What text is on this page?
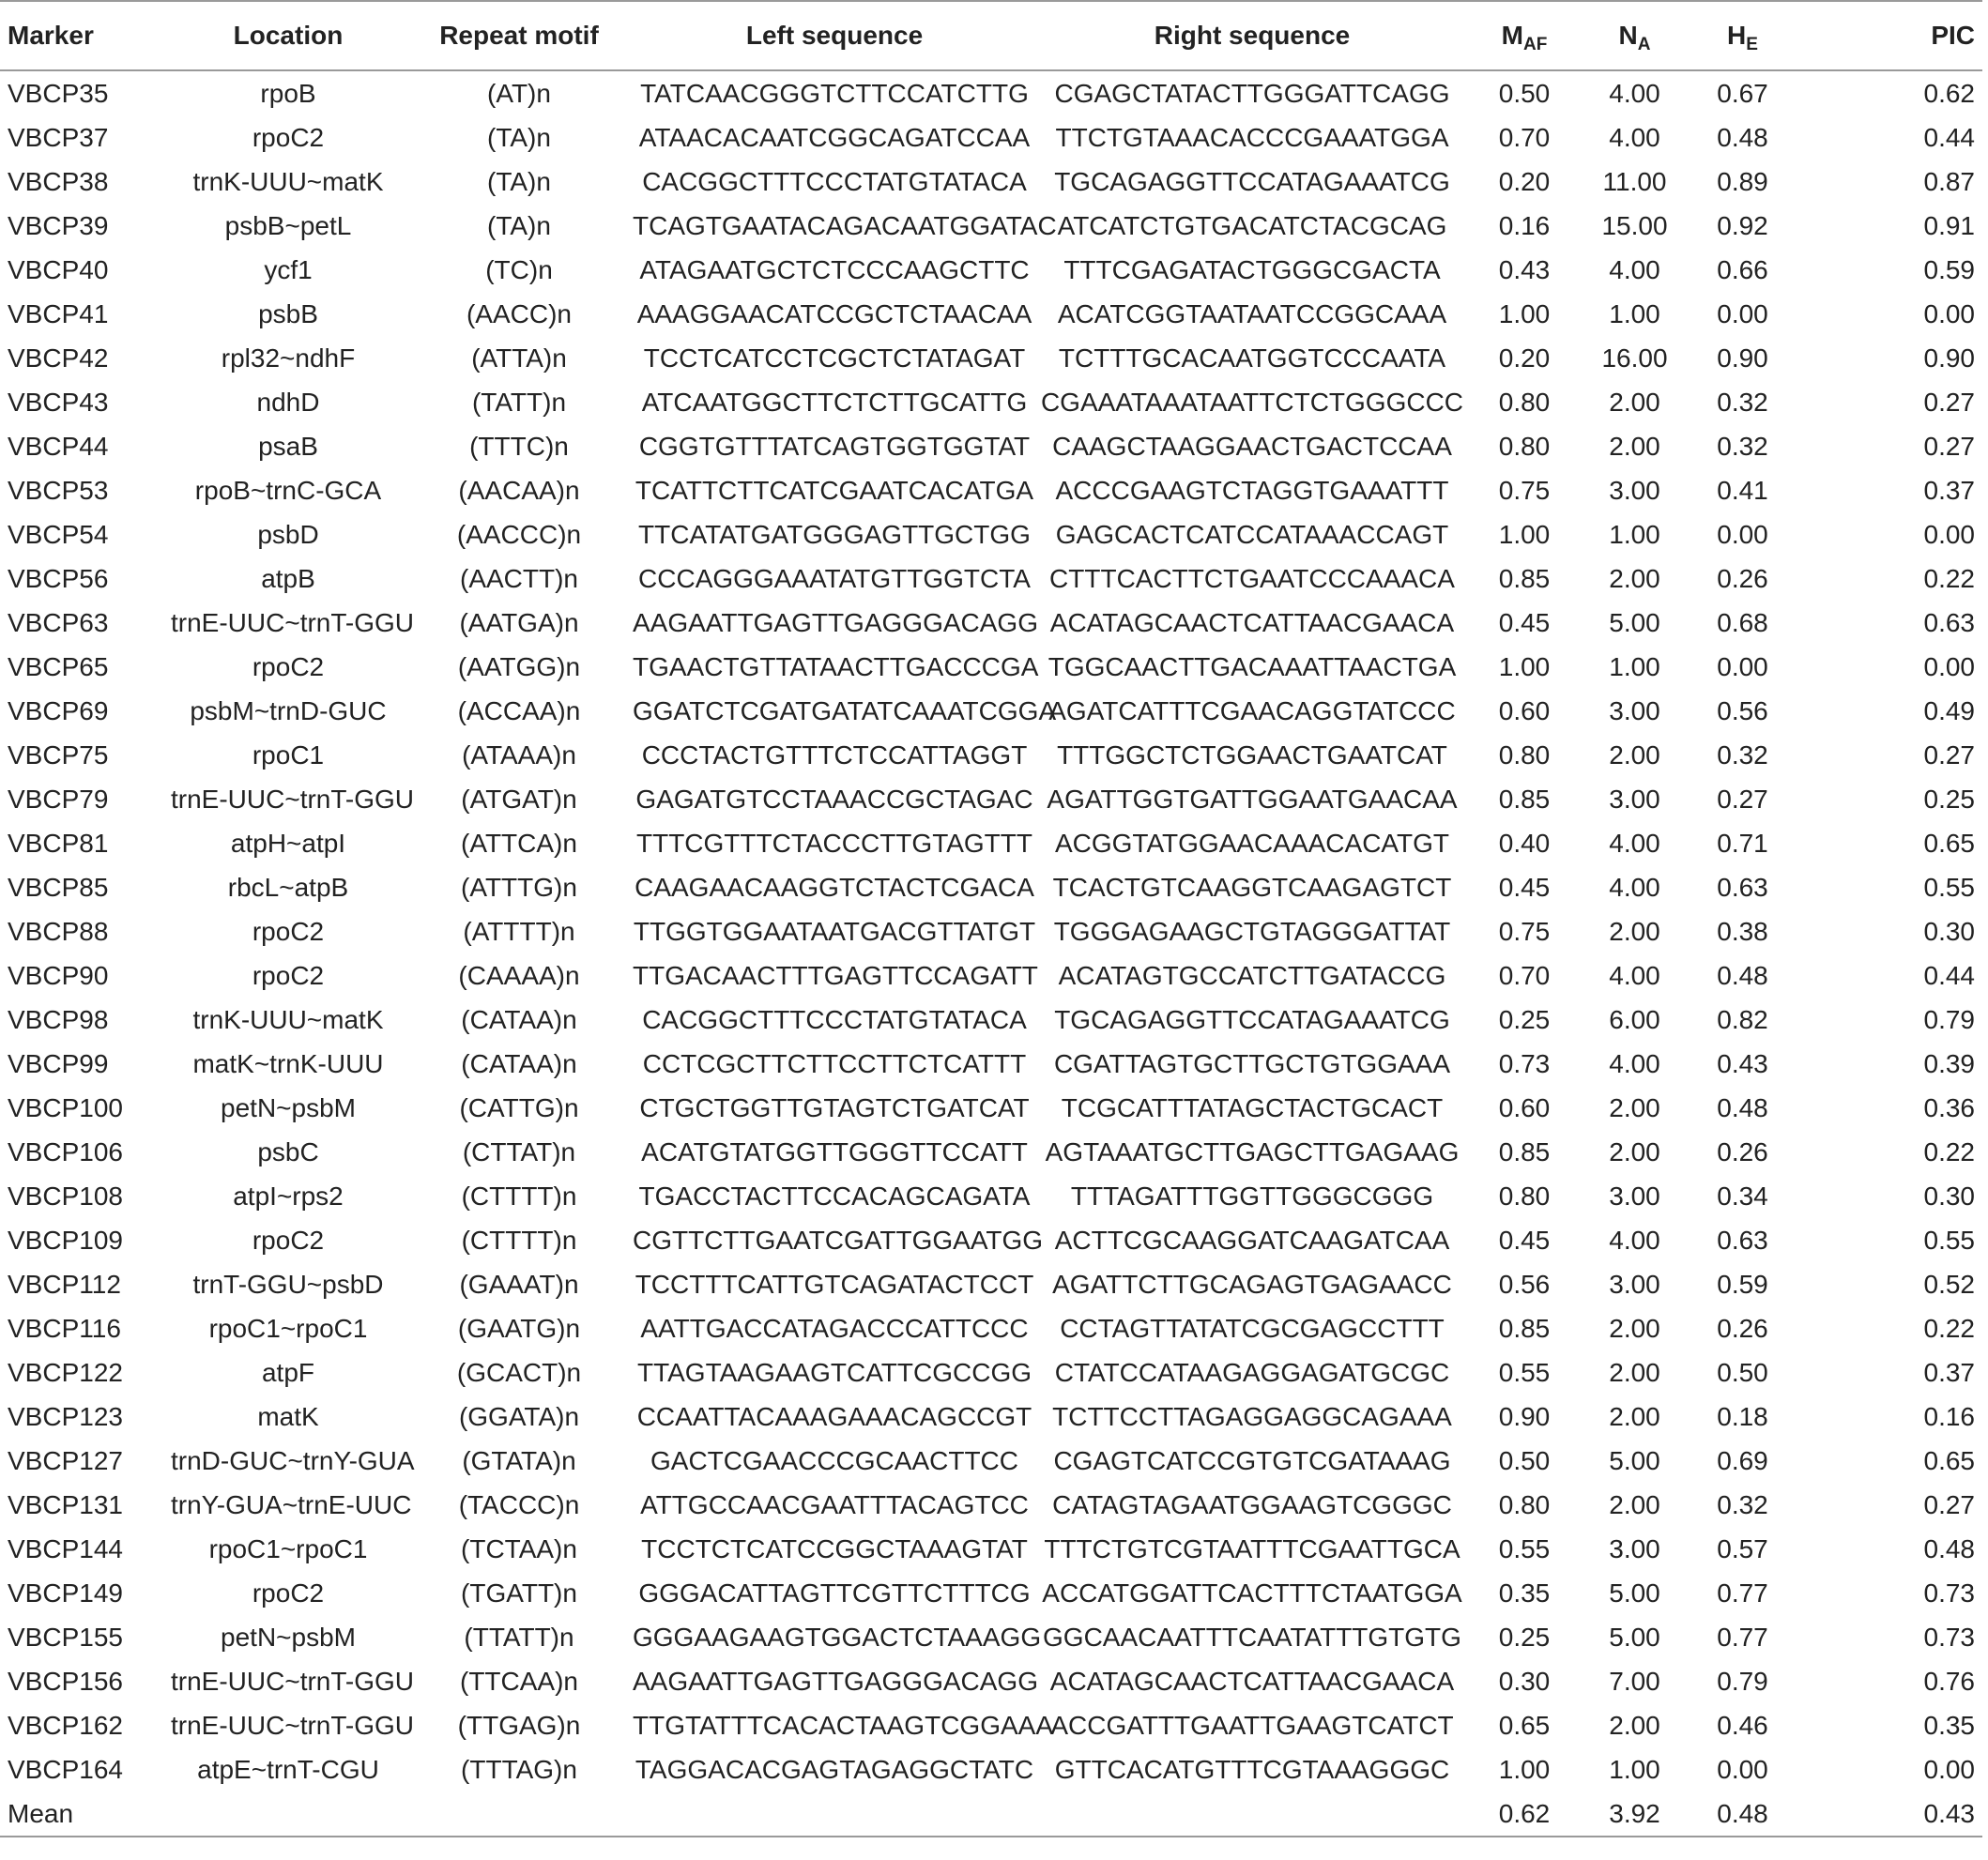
Marker	Location	Repeat motif	Left sequence	Right sequence	$M_{AF}$	$N_A$	$H_E$	PIC
VBCP35	rpoB	(AT)n	TATCAACGGGTCTTCCATCTTG	CGAGCTATACTTGGGATTCAGG	0.50	4.00	0.67	0.62
VBCP37	rpoC2	(TA)n	ATAACACAATCGGCAGATCCAA	TTCTGTAAACACCCGAAATGGA	0.70	4.00	0.48	0.44
VBCP38	trnK-UUU~matK	(TA)n	CACGGCTTTCCCTATGTATACA	TGCAGAGGTTCCATAGAAATCG	0.20	11.00	0.89	0.87
VBCP39	psbB~petL	(TA)n	TCAGTGAATACAGACAATGGATAC	ATCATCTGTGACATCTACGCAG	0.16	15.00	0.92	0.91
VBCP40	ycf1	(TC)n	ATAGAATGCTCTCCCAAGCTTC	TTTCGAGATACTGGGCGACTA	0.43	4.00	0.66	0.59
VBCP41	psbB	(AACC)n	AAAGGAACATCCGCTCTAACAA	ACATCGGTAATAATCCGGCAAA	1.00	1.00	0.00	0.00
VBCP42	rpl32~ndhF	(ATTA)n	TCCTCATCCTCGCTCTATAGAT	TCTTTGCACAATGGTCCCAATA	0.20	16.00	0.90	0.90
VBCP43	ndhD	(TATT)n	ATCAATGGCTTCTCTTGCATTG	CGAAATAAATAATTCTCTGGGCCC	0.80	2.00	0.32	0.27
VBCP44	psaB	(TTTC)n	CGGTGTTTATCAGTGGTGGTAT	CAAGCTAAGGAACTGACTCCAA	0.80	2.00	0.32	0.27
VBCP53	rpoB~trnC-GCA	(AACAA)n	TCATTCTTCATCGAATCACATGA	ACCCGAAGTCTAGGTGAAATTT	0.75	3.00	0.41	0.37
VBCP54	psbD	(AACCC)n	TTCATATGATGGGAGTTGCTGG	GAGCACTCATCCATAAACCAGT	1.00	1.00	0.00	0.00
VBCP56	atpB	(AACTT)n	CCCAGGGAAATATGTTGGTCTA	CTTTCACTTCTGAATCCCAAACA	0.85	2.00	0.26	0.22
VBCP63	trnE-UUC~trnT-GGU	(AATGA)n	AAGAATTGAGTTGAGGGACAGG	ACATAGCAACTCATTAACGAACA	0.45	5.00	0.68	0.63
VBCP65	rpoC2	(AATGG)n	TGAACTGTTATAACTTGACCCGA	TGGCAACTTGACAAATTAACTGA	1.00	1.00	0.00	0.00
VBCP69	psbM~trnD-GUC	(ACCAA)n	GGATCTCGATGATATCAAATCGGA	AGATCATTTCGAACAGGTATCCC	0.60	3.00	0.56	0.49
VBCP75	rpoC1	(ATAAA)n	CCCTACTGTTTCTCCATTAGGT	TTTGGCTCTGGAACTGAATCAT	0.80	2.00	0.32	0.27
VBCP79	trnE-UUC~trnT-GGU	(ATGAT)n	GAGATGTCCTAAACCGCTAGAC	AGATTGGTGATTGGAATGAACAA	0.85	3.00	0.27	0.25
VBCP81	atpH~atpI	(ATTCA)n	TTTCGTTTCTACCCTTGTAGTTT	ACGGTATGGAACAAACACATGT	0.40	4.00	0.71	0.65
VBCP85	rbcL~atpB	(ATTTG)n	CAAGAACAAGGTCTACTCGACA	TCACTGTCAAGGTCAAGAGTCT	0.45	4.00	0.63	0.55
VBCP88	rpoC2	(ATTTT)n	TTGGTGGAATAATGACGTTATGT	TGGGAGAAGCTGTAGGGATTAT	0.75	2.00	0.38	0.30
VBCP90	rpoC2	(CAAAA)n	TTGACAACTTTGAGTTCCAGATT	ACATAGTGCCATCTTGATACCG	0.70	4.00	0.48	0.44
VBCP98	trnK-UUU~matK	(CATAA)n	CACGGCTTTCCCTATGTATACA	TGCAGAGGTTCCATAGAAATCG	0.25	6.00	0.82	0.79
VBCP99	matK~trnK-UUU	(CATAA)n	CCTCGCTTCTTCCTTCTCATTT	CGATTAGTGCTTGCTGTGGAAA	0.73	4.00	0.43	0.39
VBCP100	petN~psbM	(CATTG)n	CTGCTGGTTGTAGTCTGATCAT	TCGCATTTATAGCTACTGCACT	0.60	2.00	0.48	0.36
VBCP106	psbC	(CTTAT)n	ACATGTATGGTTGGGTTCCATT	AGTAAATGCTTGAGCTTGAGAAG	0.85	2.00	0.26	0.22
VBCP108	atpI~rps2	(CTTTT)n	TGACCTACTTCCACAGCAGATA	TTTAGATTTGGTTGGGCGGG	0.80	3.00	0.34	0.30
VBCP109	rpoC2	(CTTTT)n	CGTTCTTGAATCGATTGGAATGG	ACTTCGCAAGGATCAAGATCAA	0.45	4.00	0.63	0.55
VBCP112	trnT-GGU~psbD	(GAAAT)n	TCCTTTCATTGTCAGATACTCCT	AGATTCTTGCAGAGTGAGAACC	0.56	3.00	0.59	0.52
VBCP116	rpoC1~rpoC1	(GAATG)n	AATTGACCATAGACCCATTCCC	CCTAGTTATATCGCGAGCCTTT	0.85	2.00	0.26	0.22
VBCP122	atpF	(GCACT)n	TTAGTAAGAAGTCATTCGCCGG	CTATCCATAAGAGGAGATGCGC	0.55	2.00	0.50	0.37
VBCP123	matK	(GGATA)n	CCAATTACAAAGAAACAGCCGT	TCTTCCTTAGAGGAGGCAGAAA	0.90	2.00	0.18	0.16
VBCP127	trnD-GUC~trnY-GUA	(GTATA)n	GACTCGAACCCGCAACTTCC	CGAGTCATCCGTGTCGATAAAG	0.50	5.00	0.69	0.65
VBCP131	trnY-GUA~trnE-UUC	(TACCC)n	ATTGCCAACGAATTTACAGTCC	CATAGTAGAATGGAAGTCGGGC	0.80	2.00	0.32	0.27
VBCP144	rpoC1~rpoC1	(TCTAA)n	TCCTCTCATCCGGCTAAAGTAT	TTTCTGTCGTAATTTCGAATTGCA	0.55	3.00	0.57	0.48
VBCP149	rpoC2	(TGATT)n	GGGACATTAGTTCGTTCTTTCG	ACCATGGATTCACTTTCTAATGGA	0.35	5.00	0.77	0.73
VBCP155	petN~psbM	(TTATT)n	GGGAAGAAGTGGACTCTAAAGG	GGCAACAATTTCAATATTTGTGTG	0.25	5.00	0.77	0.73
VBCP156	trnE-UUC~trnT-GGU	(TTCAA)n	AAGAATTGAGTTGAGGGACAGG	ACATAGCAACTCATTAACGAACA	0.30	7.00	0.79	0.76
VBCP162	trnE-UUC~trnT-GGU	(TTGAG)n	TTGTATTTCACACTAAGTCGGAAA	ACCGATTTGAATTGAAGTCATCT	0.65	2.00	0.46	0.35
VBCP164	atpE~trnT-CGU	(TTTAG)n	TAGGACACGAGTAGAGGCTATC	GTTCACATGTTTCGTAAAGGGC	1.00	1.00	0.00	0.00
Mean					0.62	3.92	0.48	0.43
